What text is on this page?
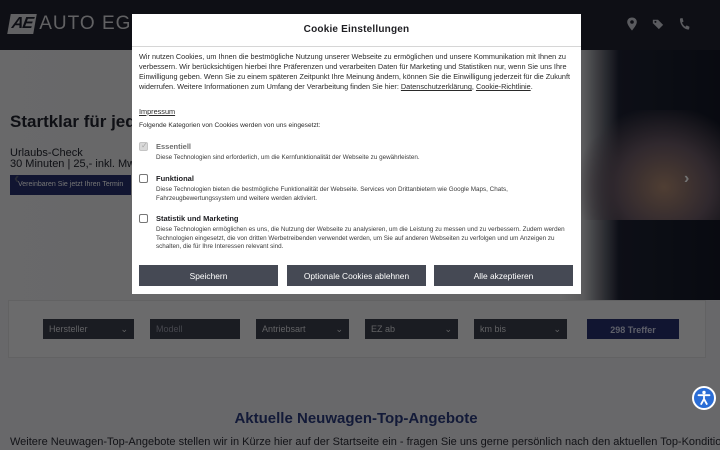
Cookie Einstellungen
Wir nutzen Cookies, um Ihnen die bestmögliche Nutzung unserer Webseite zu ermöglichen und unsere Kommunikation mit Ihnen zu verbessern. Wir berücksichtigen hierbei Ihre Präferenzen und verarbeiten Daten für Marketing und Statistiken nur, wenn Sie uns Ihre Einwilligung geben. Wenn Sie zu einem späteren Zeitpunkt Ihre Meinung ändern, können Sie die Einwilligung jederzeit für die Zukunft widerrufen. Weitere Informationen zum Umfang der Verarbeitung finden Sie hier: Datenschutzerklärung, Cookie-Richtlinie.
Impressum
Folgende Kategorien von Cookies werden von uns eingesetzt:
✓
Essentiell
Diese Technologien sind erforderlich, um die Kernfunktionalität der Webseite zu gewährleisten.
Funktional
Diese Technologien bieten die bestmögliche Funktionalität der Webseite. Services von Drittanbietern wie Google Maps, Chats, Fahrzeugbewertungssystem und weitere werden aktiviert.
Statistik und Marketing
Diese Technologien ermöglichen es uns, die Nutzung der Webseite zu analysieren, um die Leistung zu messen und zu verbessern. Zudem werden Technologien eingesetzt, die von dritten Werbetreibenden verwendet werden, um Sie auf anderen Webseiten zu verfolgen und um Anzeigen zu schalten, die für Ihre Interessen relevant sind.
Speichern	Optionale Cookies ablehnen	Alle akzeptieren
